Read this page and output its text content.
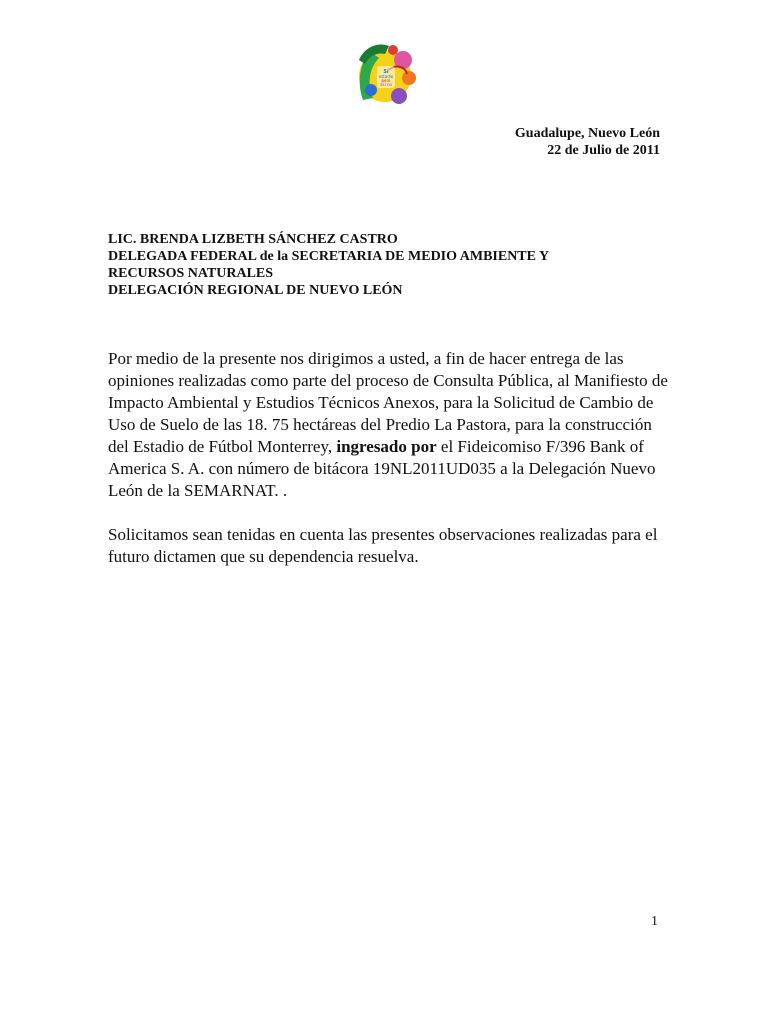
Sí
estadio
pero
así no
Guadalupe, Nuevo León
22 de Julio de 2011
LIC. BRENDA LIZBETH SÁNCHEZ CASTRO
DELEGADA FEDERAL de la SECRETARIA DE MEDIO AMBIENTE Y
RECURSOS NATURALES
DELEGACIÓN REGIONAL DE NUEVO LEÓN

Por medio de la presente nos dirigimos a usted, a fin de hacer entrega de las opiniones realizadas como parte del proceso de Consulta Pública, al Manifiesto de Impacto Ambiental y Estudios Técnicos Anexos, para la Solicitud de Cambio de Uso de Suelo de las 18. 75 hectáreas del Predio La Pastora, para la construcción del Estadio de Fútbol Monterrey, ingresado por el Fideicomiso F/396 Bank of America S. A. con número de bitácora 19NL2011UD035 a la Delegación Nuevo León de la SEMARNAT. .

Solicitamos sean tenidas en cuenta las presentes observaciones realizadas para el futuro dictamen que su dependencia resuelva.

1
